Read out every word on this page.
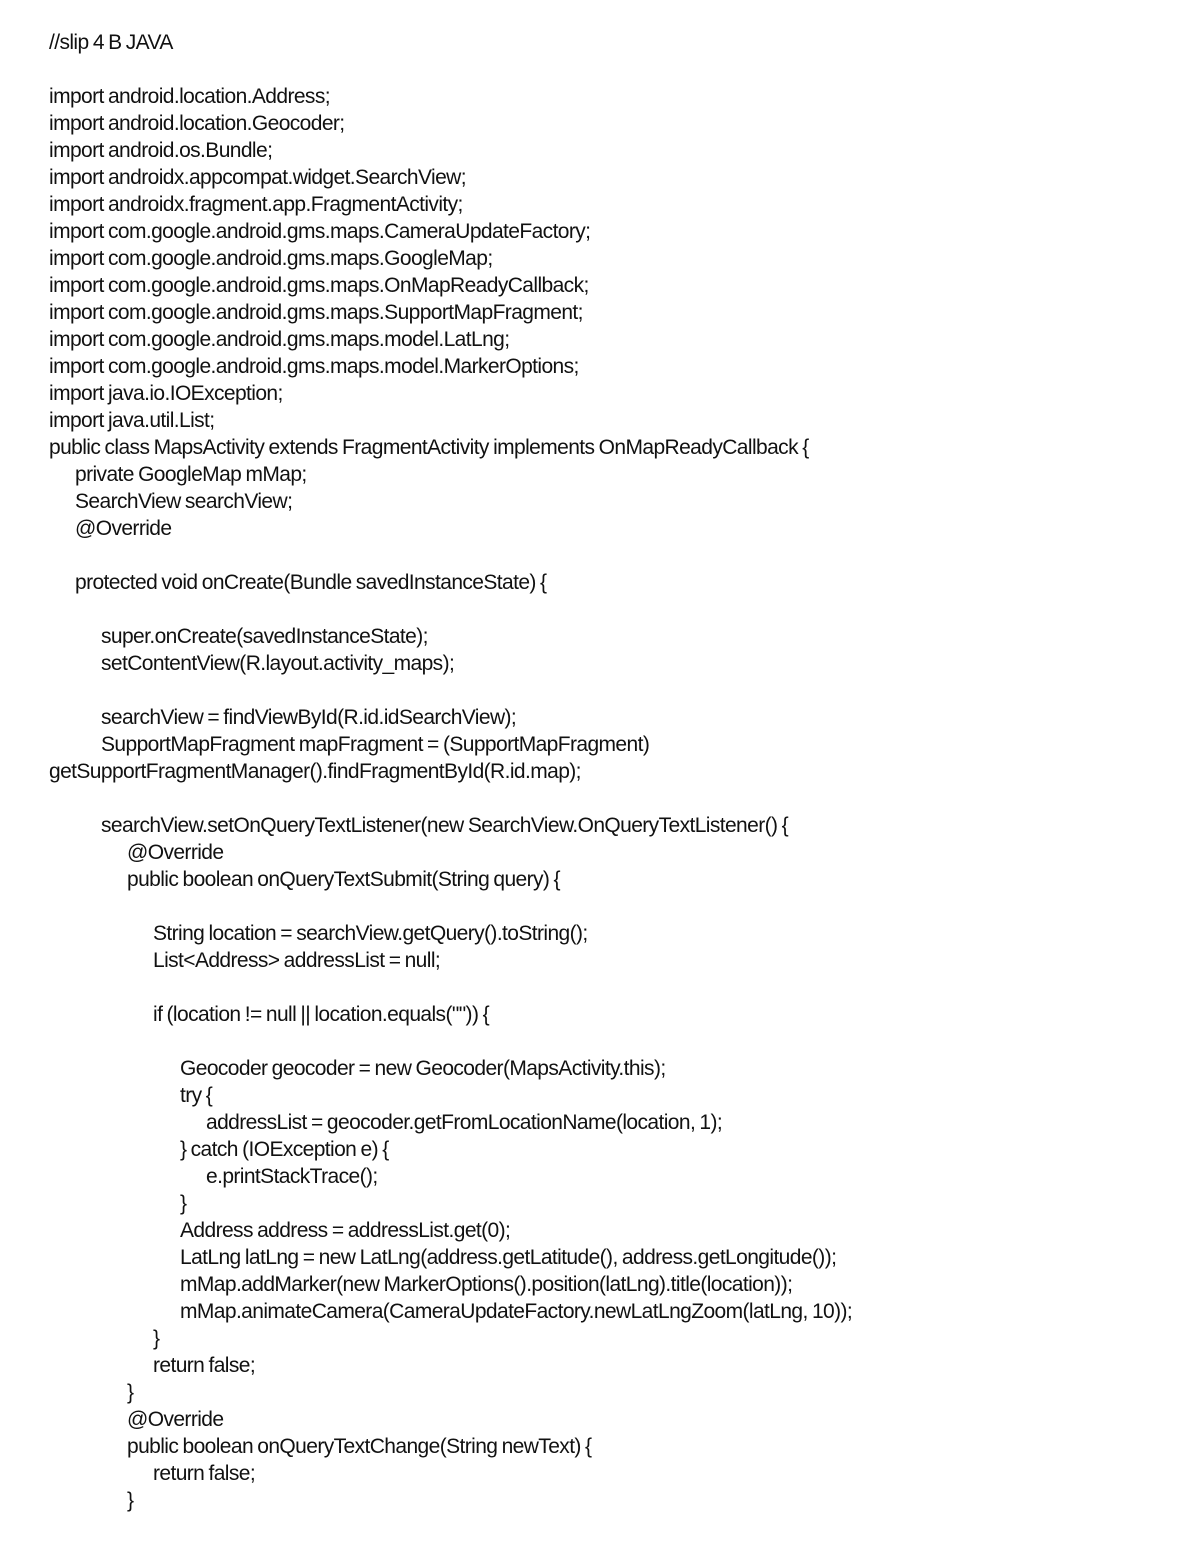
//slip 4 B JAVA
import android.location.Address;
import android.location.Geocoder;
import android.os.Bundle;
import androidx.appcompat.widget.SearchView;
import androidx.fragment.app.FragmentActivity;
import com.google.android.gms.maps.CameraUpdateFactory;
import com.google.android.gms.maps.GoogleMap;
import com.google.android.gms.maps.OnMapReadyCallback;
import com.google.android.gms.maps.SupportMapFragment;
import com.google.android.gms.maps.model.LatLng;
import com.google.android.gms.maps.model.MarkerOptions;
import java.io.IOException;
import java.util.List;
public class MapsActivity extends FragmentActivity implements OnMapReadyCallback {
private GoogleMap mMap;
SearchView searchView;
@Override
protected void onCreate(Bundle savedInstanceState) {
super.onCreate(savedInstanceState);
setContentView(R.layout.activity_maps);
searchView = findViewById(R.id.idSearchView);
SupportMapFragment mapFragment = (SupportMapFragment)
getSupportFragmentManager().findFragmentById(R.id.map);
searchView.setOnQueryTextListener(new SearchView.OnQueryTextListener() {
@Override
public boolean onQueryTextSubmit(String query) {
String location = searchView.getQuery().toString();
List<Address> addressList = null;
if (location != null || location.equals("")) {
Geocoder geocoder = new Geocoder(MapsActivity.this);
try {
addressList = geocoder.getFromLocationName(location, 1);
} catch (IOException e) {
e.printStackTrace();
}
Address address = addressList.get(0);
LatLng latLng = new LatLng(address.getLatitude(), address.getLongitude());
mMap.addMarker(new MarkerOptions().position(latLng).title(location));
mMap.animateCamera(CameraUpdateFactory.newLatLngZoom(latLng, 10));
}
return false;
}
@Override
public boolean onQueryTextChange(String newText) {
return false;
}
